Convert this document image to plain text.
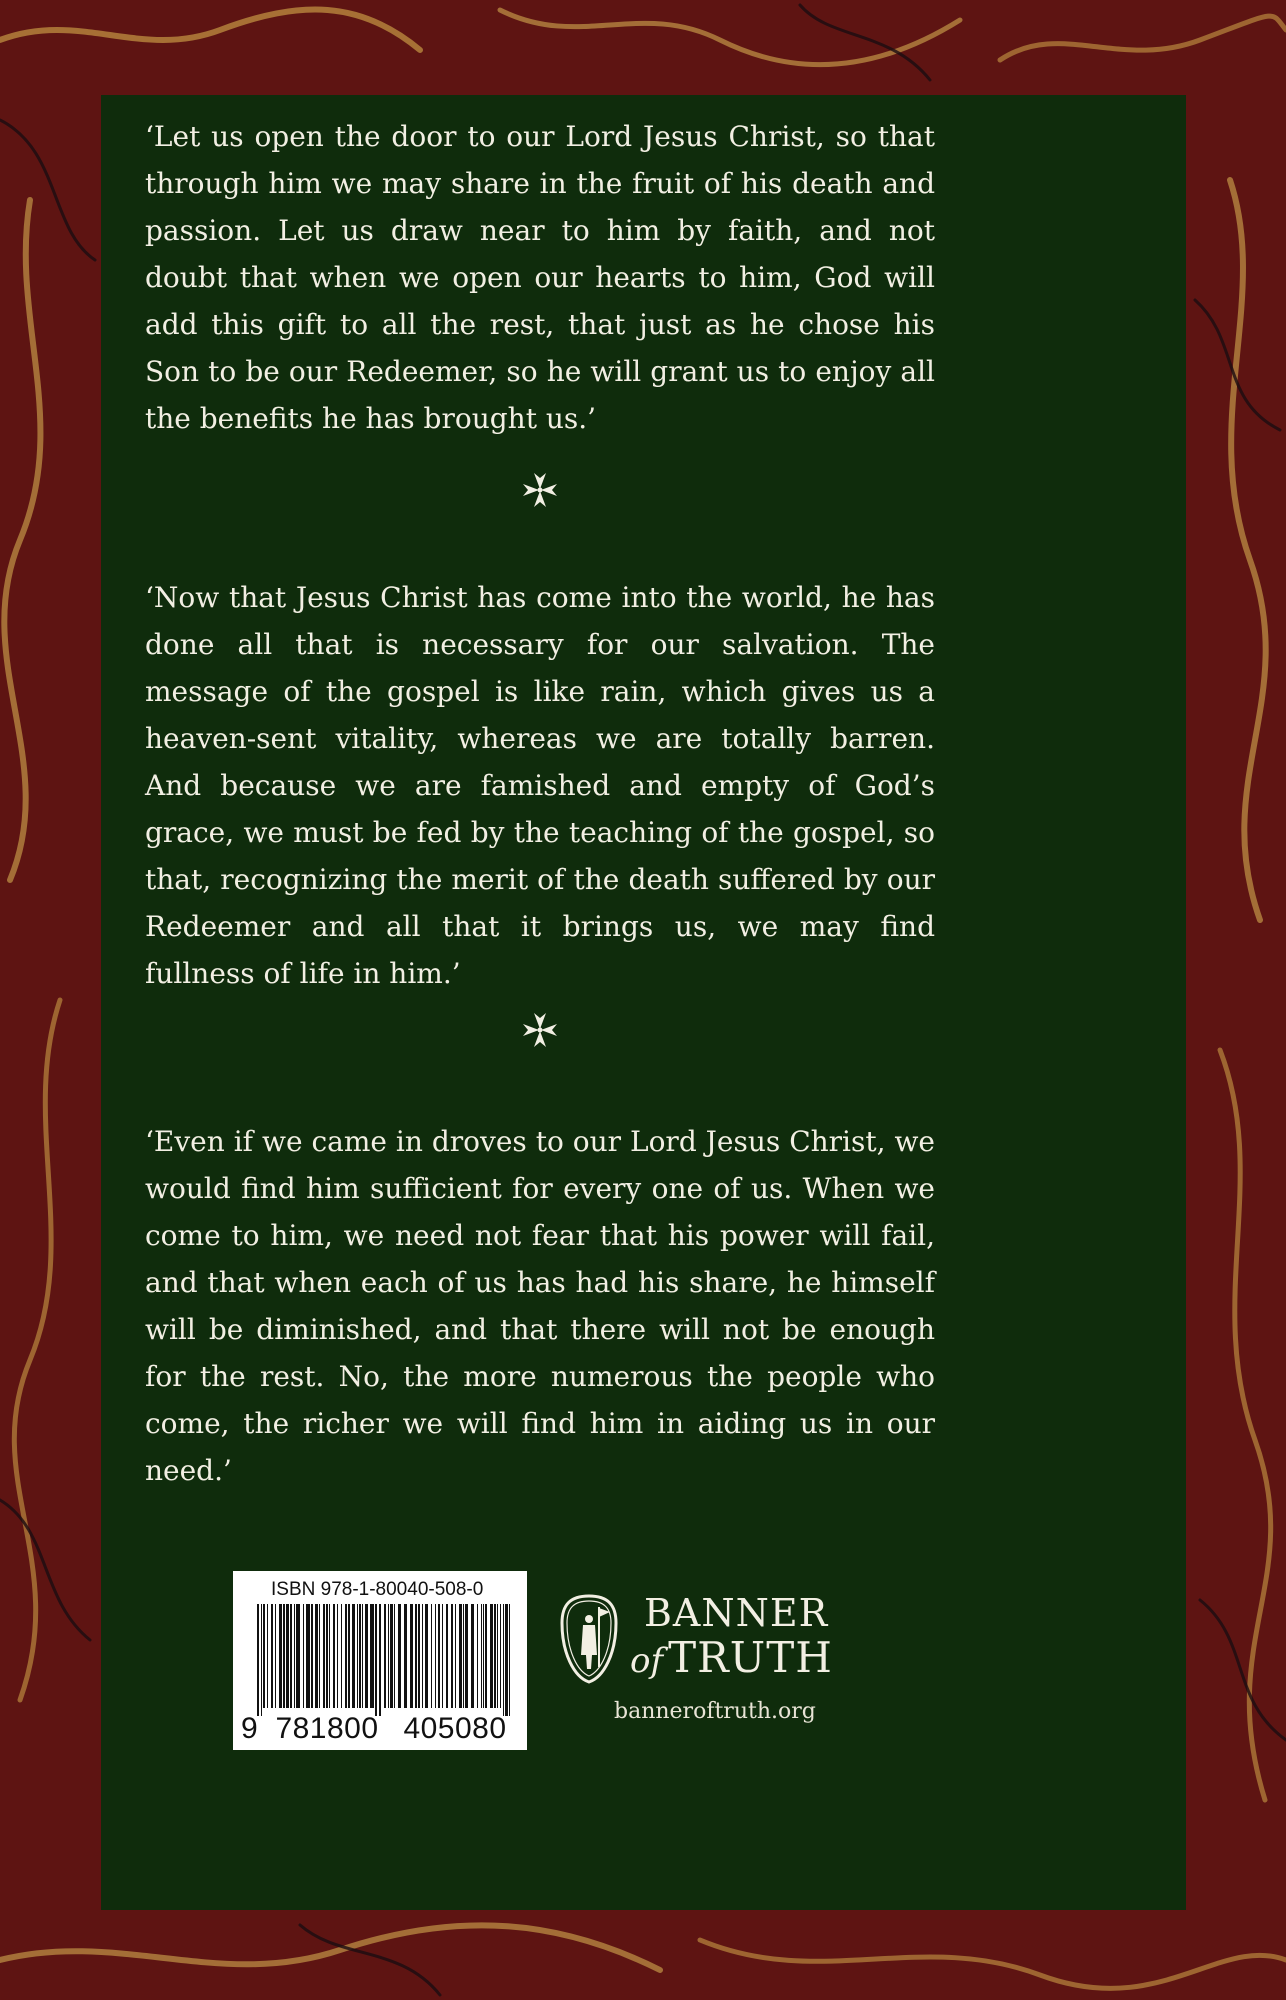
‘Let us open the door to our Lord Jesus Christ, so that through him we may share in the fruit of his death and passion. Let us draw near to him by faith, and not doubt that when we open our hearts to him, God will add this gift to all the rest, that just as he chose his Son to be our Redeemer, so he will grant us to enjoy all the benefits he has brought us.’

‘Now that Jesus Christ has come into the world, he has done all that is necessary for our salvation. The message of the gospel is like rain, which gives us a heaven-sent vitality, whereas we are totally barren. And because we are famished and empty of God’s grace, we must be fed by the teaching of the gospel, so that, recognizing the merit of the death suffered by our Redeemer and all that it brings us, we may find fullness of life in him.’

‘Even if we came in droves to our Lord Jesus Christ, we would find him sufficient for every one of us. When we come to him, we need not fear that his power will fail, and that when each of us has had his share, he himself will be diminished, and that there will not be enough for the rest. No, the more numerous the people who come, the richer we will find him in aiding us in our need.’

ISBN 978-1-80040-508-0
9 781800 405080
BANNER
of TRUTH
banneroftruth.org
